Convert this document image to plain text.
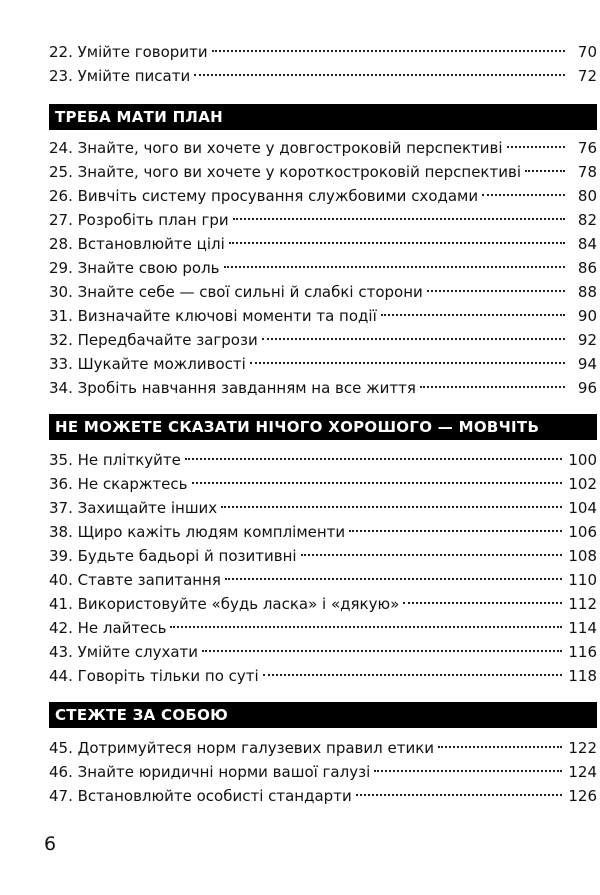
22. Умійте говорити	70
23. Умійте писати	72
ТРЕБА МАТИ ПЛАН
24. Знайте, чого ви хочете у довгостроковій перспективі	76
25. Знайте, чого ви хочете у короткостроковій перспективі	78
26. Вивчіть систему просування службовими сходами	80
27. Розробіть план гри	82
28. Встановлюйте цілі	84
29. Знайте свою роль	86
30. Знайте себе — свої сильні й слабкі сторони	88
31. Визначайте ключові моменти та події	90
32. Передбачайте загрози	92
33. Шукайте можливості	94
34. Зробіть навчання завданням на все життя	96
НЕ МОЖЕТЕ СКАЗАТИ НІЧОГО ХОРОШОГО — МОВЧІТЬ
35. Не пліткуйте	100
36. Не скаржтесь	102
37. Захищайте інших	104
38. Щиро кажіть людям компліменти	106
39. Будьте бадьорі й позитивні	108
40. Ставте запитання	110
41. Використовуйте «будь ласка» і «дякую»	112
42. Не лайтесь	114
43. Умійте слухати	116
44. Говоріть тільки по суті	118
СТЕЖТЕ ЗА СОБОЮ
45. Дотримуйтеся норм галузевих правил етики	122
46. Знайте юридичні норми вашої галузі	124
47. Встановлюйте особисті стандарти	126
6
